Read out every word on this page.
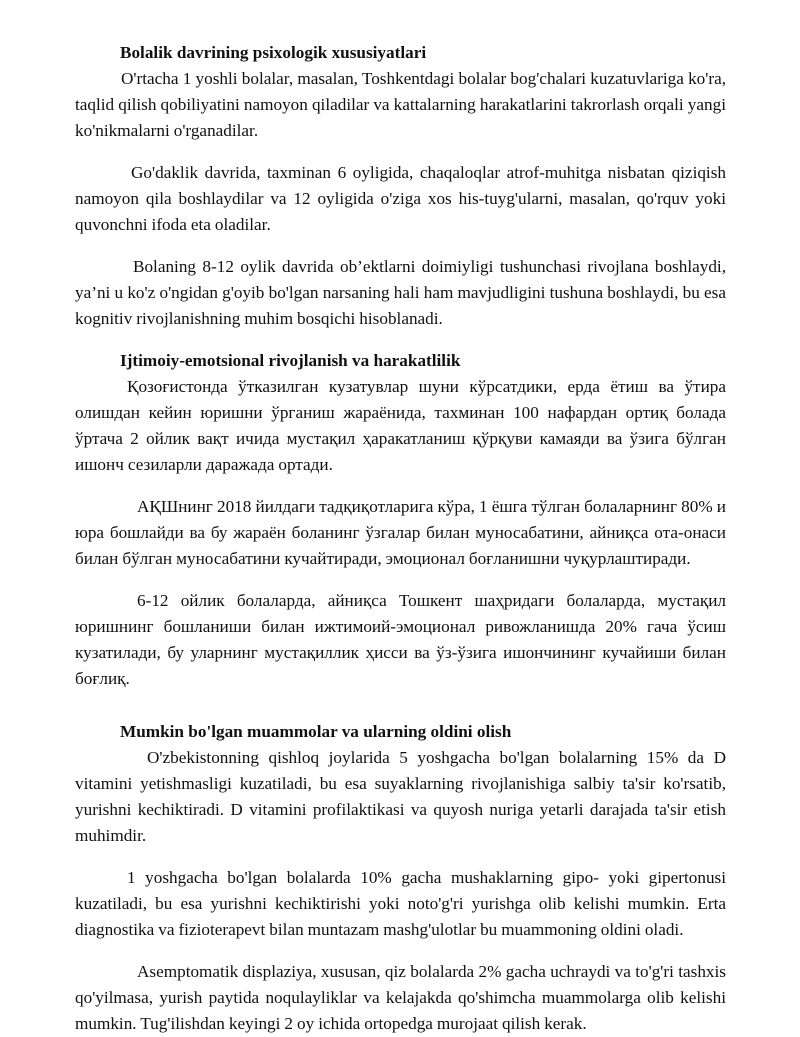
Bolalik davrining psixologik xususiyatlari

O'rtacha 1 yoshli bolalar, masalan, Toshkentdagi bolalar bog'chalari kuzatuvlariga ko'ra, taqlid qilish qobiliyatini namoyon qiladilar va kattalarning harakatlarini takrorlash orqali yangi ko'nikmalarni o'rganadilar.

Go'daklik davrida, taxminan 6 oyligida, chaqaloqlar atrof-muhitga nisbatan qiziqish namoyon qila boshlaydilar va 12 oyligida o'ziga xos his-tuyg'ularni, masalan, qo'rquv yoki quvonchni ifoda eta oladilar.

Bolaning 8-12 oylik davrida ob’ektlarni doimiyligi tushunchasi rivojlana boshlaydi, ya’ni u ko'z o'ngidan g'oyib bo'lgan narsaning hali ham mavjudligini tushuna boshlaydi, bu esa kognitiv rivojlanishning muhim bosqichi hisoblanadi.

Ijtimoiy-emotsional rivojlanish va harakatlilik

Қозоғистонда ўтказилган кузатувлар шуни кўрсатдики, ерда ётиш ва ўтира олишдан кейин юришни ўрганиш жараёнида, тахминан 100 нафардан ортиқ болада ўртача 2 ойлик вақт ичида мустақил ҳаракатланиш қўрқуви камаяди ва ўзига бўлган ишонч сезиларли даражада ортади.

АҚШнинг 2018 йилдаги тадқиқотларига кўра, 1 ёшга тўлган болаларнинг 80% и юра бошлайди ва бу жараён боланинг ўзгалар билан муносабатини, айниқса ота-онаси билан бўлган муносабатини кучайтиради, эмоционал боғланишни чуқурлаштиради.

6-12 ойлик болаларда, айниқса Тошкент шаҳридаги болаларда, мустақил юришнинг бошланиши билан ижтимоий-эмоционал ривожланишда 20% гача ўсиш кузатилади, бу уларнинг мустақиллик ҳисси ва ўз-ўзига ишончининг кучайиши билан боғлиқ.

Mumkin bo'lgan muammolar va ularning oldini olish

O'zbekistonning qishloq joylarida 5 yoshgacha bo'lgan bolalarning 15% da D vitamini yetishmasligi kuzatiladi, bu esa suyaklarning rivojlanishiga salbiy ta'sir ko'rsatib, yurishni kechiktiradi. D vitamini profilaktikasi va quyosh nuriga yetarli darajada ta'sir etish muhimdir.

1 yoshgacha bo'lgan bolalarda 10% gacha mushaklarning gipo- yoki gipertonusi kuzatiladi, bu esa yurishni kechiktirishi yoki noto'g'ri yurishga olib kelishi mumkin. Erta diagnostika va fizioterapevt bilan muntazam mashg'ulotlar bu muammoning oldini oladi.

Asemptomatik displaziya, xususan, qiz bolalarda 2% gacha uchraydi va to'g'ri tashxis qo'yilmasa, yurish paytida noqulayliklar va kelajakda qo'shimcha muammolarga olib kelishi mumkin. Tug'ilishdan keyingi 2 oy ichida ortopedga murojaat qilish kerak.
